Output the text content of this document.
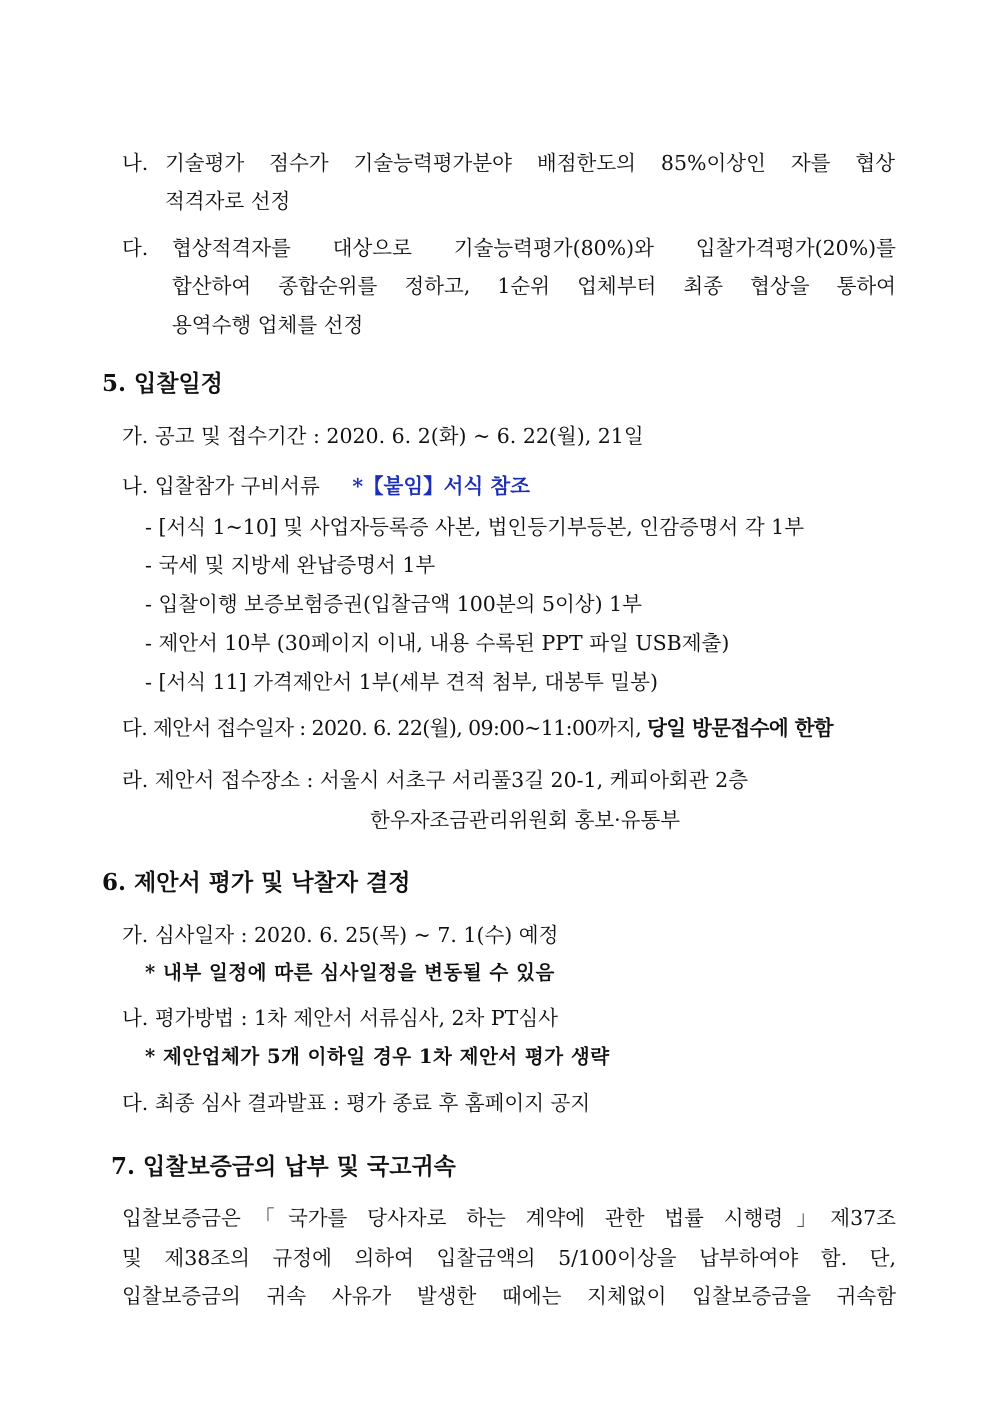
나. 기술평가 점수가 기술능력평가분야 배점한도의 85%이상인 자를 협상
적격자로 선정
다. 협상적격자를 대상으로 기술능력평가(80%)와 입찰가격평가(20%)를
합산하여 종합순위를 정하고, 1순위 업체부터 최종 협상을 통하여
용역수행 업체를 선정
5. 입찰일정
가. 공고 및 접수기간 : 2020. 6. 2(화) ~ 6. 22(월), 21일
나. 입찰참가 구비서류 *【붙임】서식 참조
- [서식 1~10] 및 사업자등록증 사본, 법인등기부등본, 인감증명서 각 1부
- 국세 및 지방세 완납증명서 1부
- 입찰이행 보증보험증권(입찰금액 100분의 5이상) 1부
- 제안서 10부 (30페이지 이내, 내용 수록된 PPT 파일 USB제출)
- [서식 11] 가격제안서 1부(세부 견적 첨부, 대봉투 밀봉)
다. 제안서 접수일자 : 2020. 6. 22(월), 09:00~11:00까지, 당일 방문접수에 한함
라. 제안서 접수장소 : 서울시 서초구 서리풀3길 20-1, 케피아회관 2층
한우자조금관리위원회 홍보·유통부
6. 제안서 평가 및 낙찰자 결정
가. 심사일자 : 2020. 6. 25(목) ~ 7. 1(수) 예정
* 내부 일정에 따른 심사일정을 변동될 수 있음
나. 평가방법 : 1차 제안서 서류심사, 2차 PT심사
* 제안업체가 5개 이하일 경우 1차 제안서 평가 생략
다. 최종 심사 결과발표 : 평가 종료 후 홈페이지 공지
7. 입찰보증금의 납부 및 국고귀속
입찰보증금은「국가를 당사자로 하는 계약에 관한 법률 시행령」제37조
및 제38조의 규정에 의하여 입찰금액의 5/100이상을 납부하여야 함. 단,
입찰보증금의 귀속 사유가 발생한 때에는 지체없이 입찰보증금을 귀속함
